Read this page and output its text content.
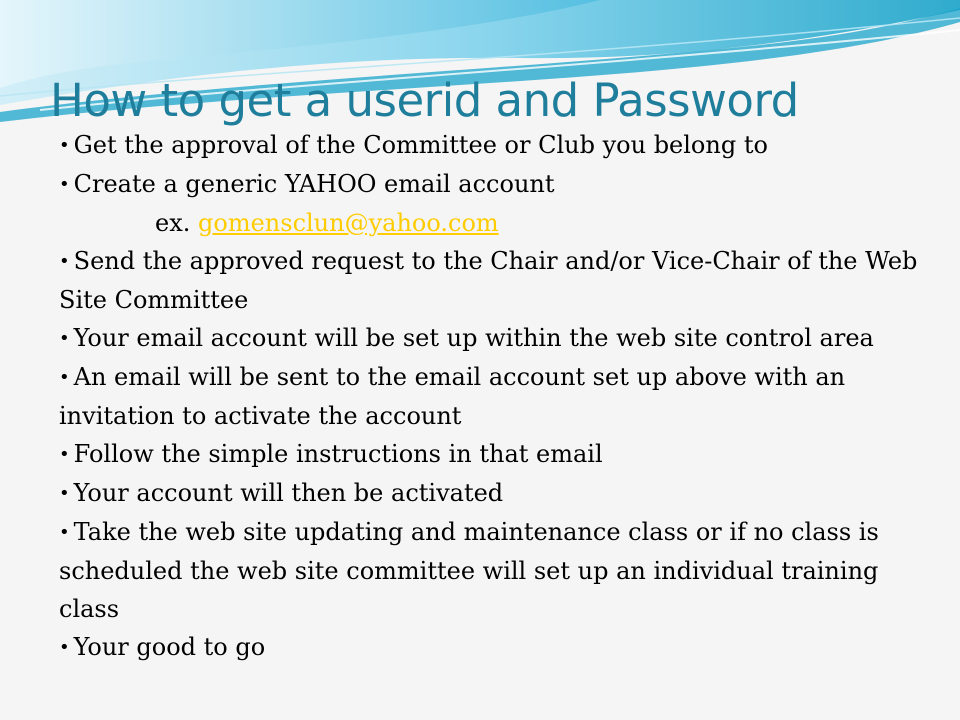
How to get a userid and Password
• Get the approval of the Committee or Club you belong to
• Create a generic YAHOO email account
ex. gomensclun@yahoo.com
• Send the approved request to the Chair and/or Vice-Chair of the Web Site Committee
• Your email account will be set up within the web site control area
• An email will be sent to the email account set up above with an invitation to activate the account
• Follow the simple instructions in that email
• Your account will then be activated
• Take the web site updating and maintenance class or if no class is scheduled the web site committee will set up an individual training class
• Your good to go
